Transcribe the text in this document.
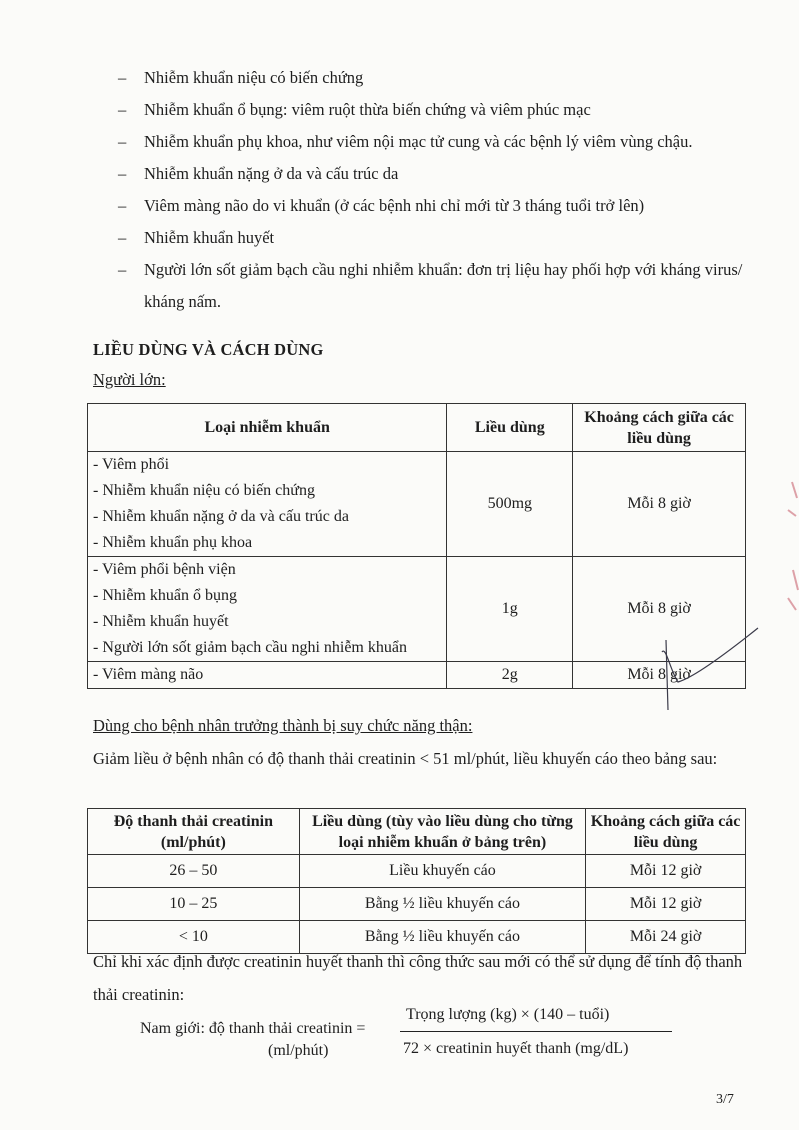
– Nhiễm khuẩn niệu có biến chứng
– Nhiễm khuẩn ổ bụng: viêm ruột thừa biến chứng và viêm phúc mạc
– Nhiễm khuẩn phụ khoa, như viêm nội mạc tử cung và các bệnh lý viêm vùng chậu.
– Nhiễm khuẩn nặng ở da và cấu trúc da
– Viêm màng não do vi khuẩn (ở các bệnh nhi chỉ mới từ 3 tháng tuổi trở lên)
– Nhiễm khuẩn huyết
– Người lớn sốt giảm bạch cầu nghi nhiễm khuẩn: đơn trị liệu hay phối hợp với kháng virus/ kháng nấm.
LIỀU DÙNG VÀ CÁCH DÙNG
Người lớn:
Loại nhiễm khuẩn	Liều dùng	Khoảng cách giữa các liều dùng

- Viêm phổi
- Nhiễm khuẩn niệu có biến chứng
- Nhiễm khuẩn nặng ở da và cấu trúc da
- Nhiễm khuẩn phụ khoa	500mg	Mỗi 8 giờ

- Viêm phổi bệnh viện
- Nhiễm khuẩn ổ bụng
- Nhiễm khuẩn huyết
- Người lớn sốt giảm bạch cầu nghi nhiễm khuẩn	1g	Mỗi 8 giờ

- Viêm màng não	2g	Mỗi 8 giờ
Dùng cho bệnh nhân trưởng thành bị suy chức năng thận:
Giảm liều ở bệnh nhân có độ thanh thải creatinin < 51 ml/phút, liều khuyến cáo theo bảng sau:
Độ thanh thải creatinin (ml/phút)	Liều dùng (tùy vào liều dùng cho từng loại nhiễm khuẩn ở bảng trên)	Khoảng cách giữa các liều dùng
26 – 50	Liều khuyến cáo	Mỗi 12 giờ
10 – 25	Bằng ½ liều khuyến cáo	Mỗi 12 giờ
< 10	Bằng ½ liều khuyến cáo	Mỗi 24 giờ
Chỉ khi xác định được creatinin huyết thanh thì công thức sau mới có thể sử dụng để tính độ thanh thải creatinin:
Nam giới: độ thanh thải creatinin =
(ml/phút)
Trọng lượng (kg) × (140 – tuổi)
72 × creatinin huyết thanh (mg/dL)
3/7
